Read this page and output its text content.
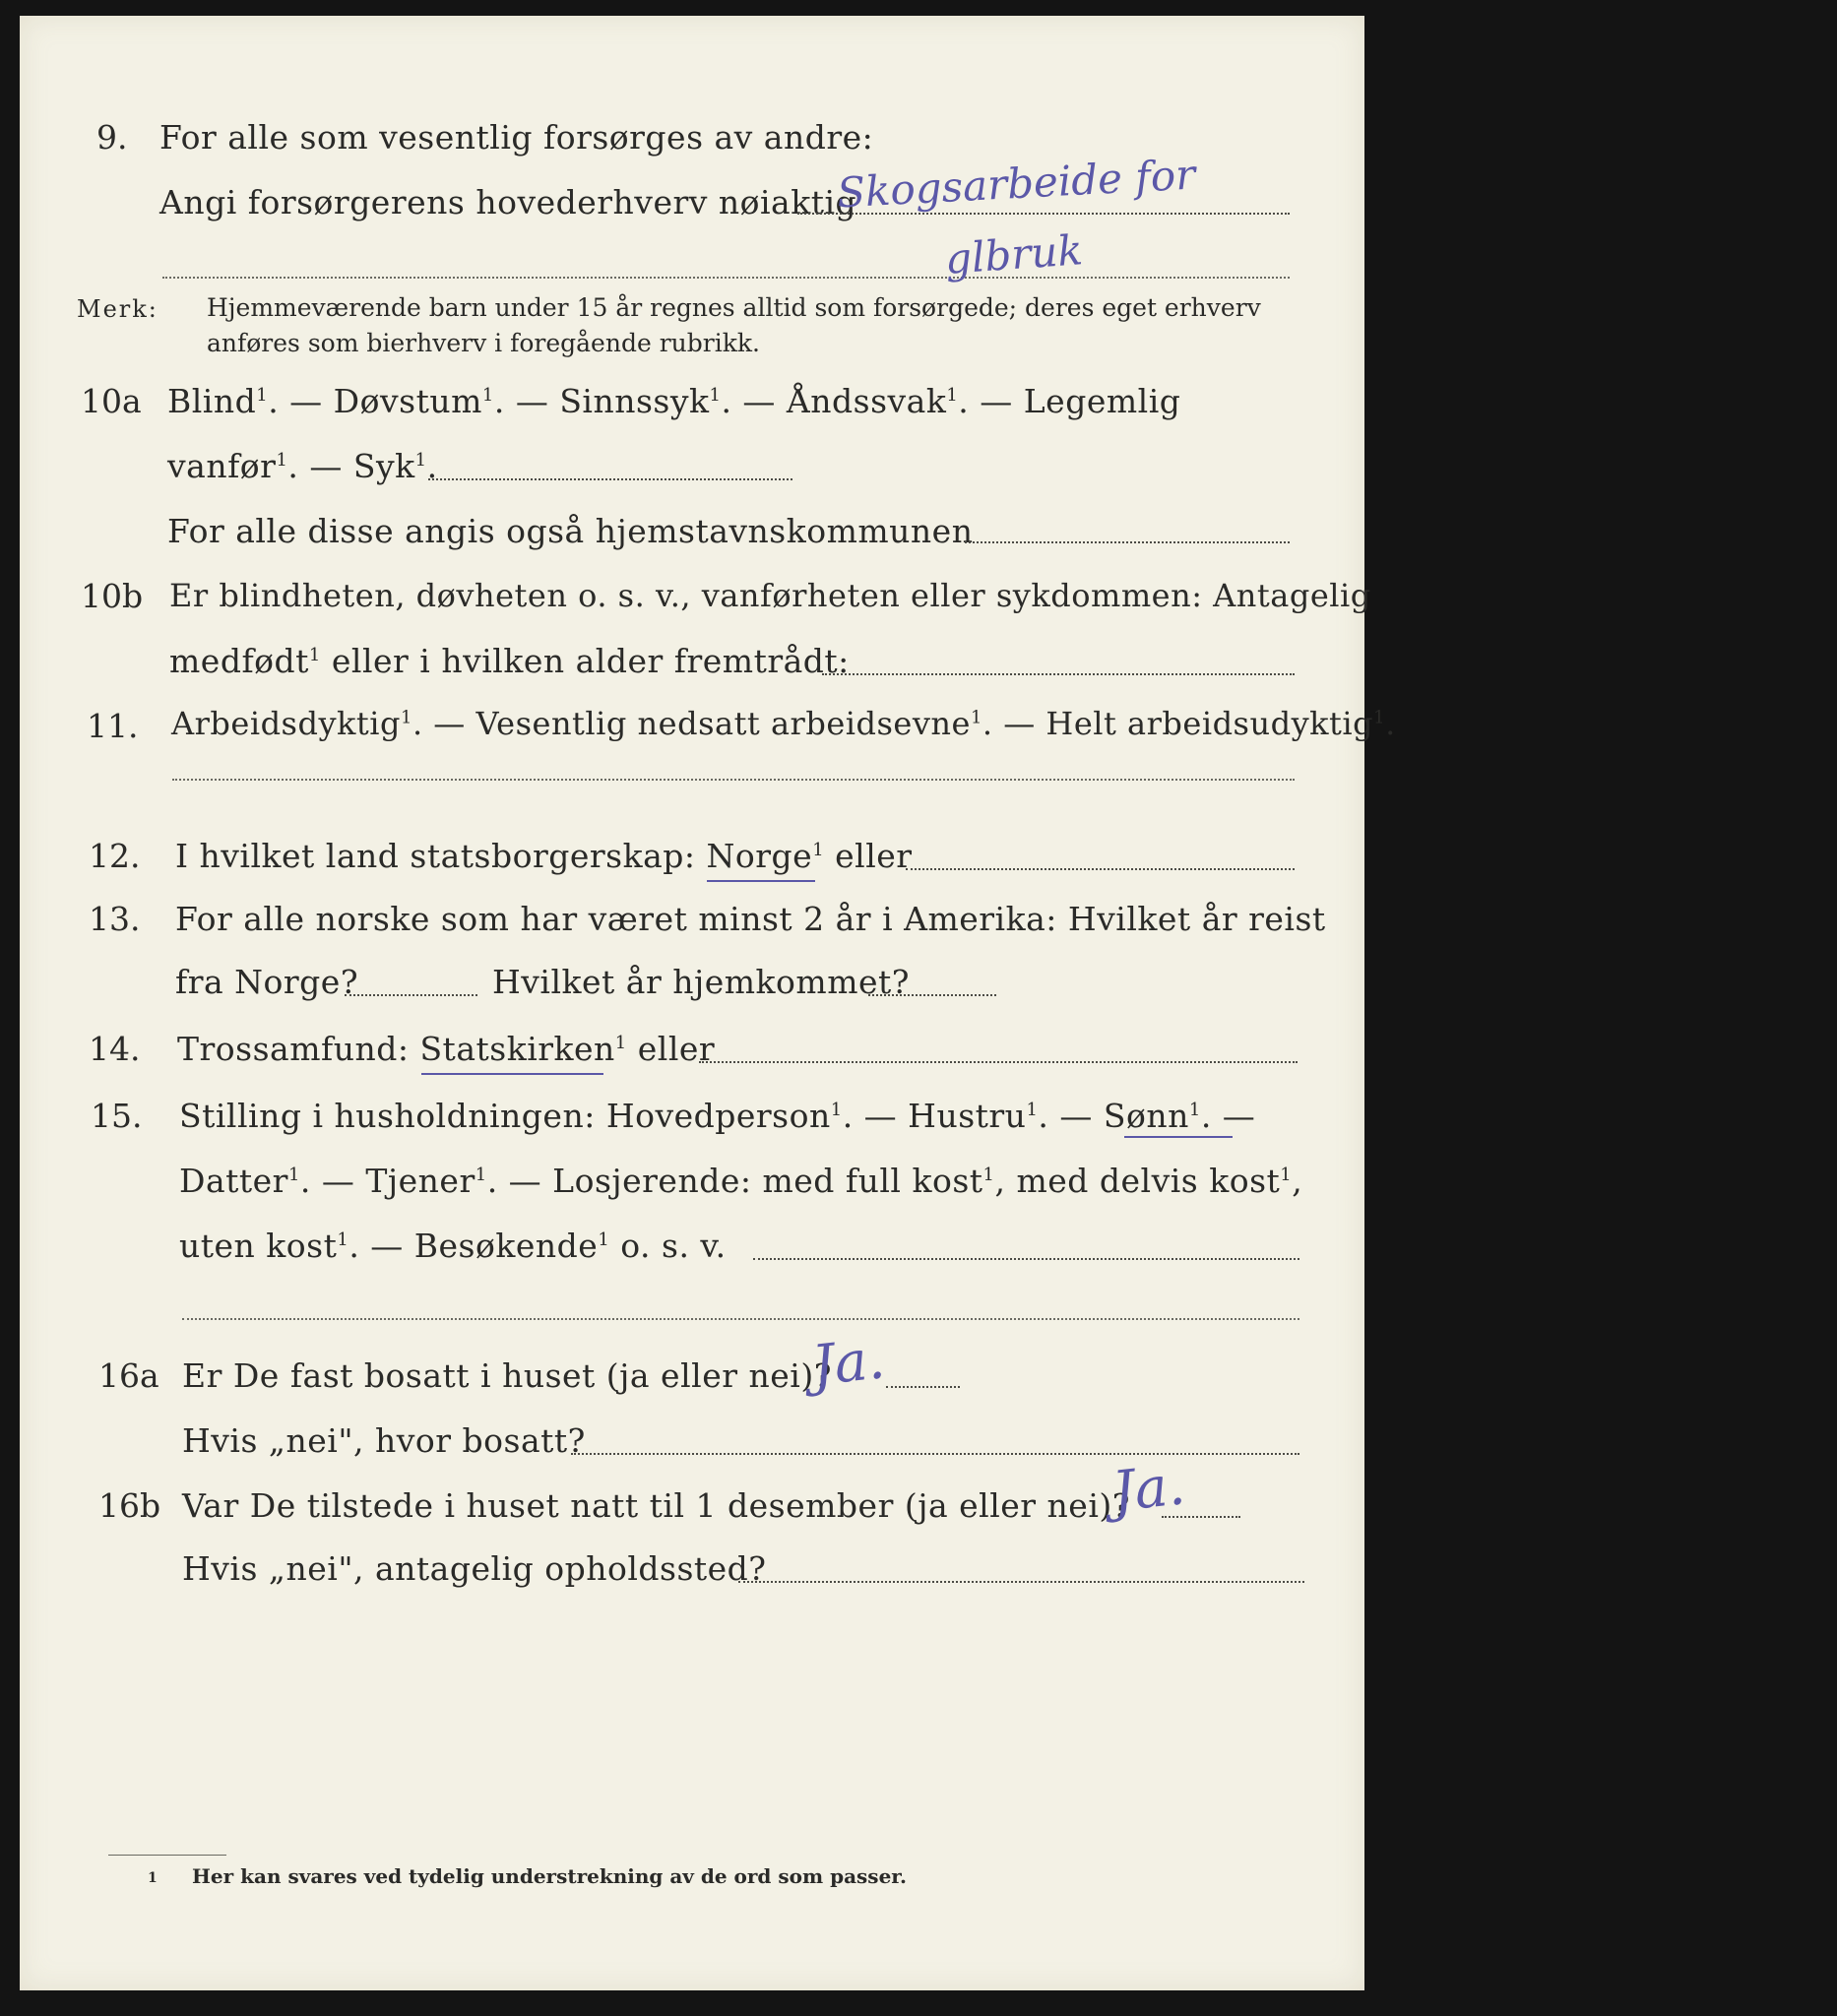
9. For alle som vesentlig forsørges av andre:
Angi forsørgerens hovederhverv nøiaktig
Skogsarbeide for
glbruk
Merk: Hjemmeværende barn under 15 år regnes alltid som forsørgede; deres eget erhverv
anføres som bierhverv i foregående rubrikk.
10a Blind$^1$. — Døvstum$^1$. — Sinnssyk$^1$. — Åndssvak$^1$. — Legemlig
vanfør$^1$. — Syk$^1$.
For alle disse angis også hjemstavnskommunen
10b Er blindheten, døvheten o. s. v., vanførheten eller sykdommen: Antagelig
medfødt$^1$ eller i hvilken alder fremtrådt:
11. Arbeidsdyktig$^1$. — Vesentlig nedsatt arbeidsevne$^1$. — Helt arbeidsudyktig$^1$.
12. I hvilket land statsborgerskap: Norge$^1$ eller
13. For alle norske som har været minst 2 år i Amerika: Hvilket år reist
fra Norge?	Hvilket år hjemkommet?
14. Trossamfund: Statskirken$^1$ eller
15. Stilling i husholdningen: Hovedperson$^1$. — Hustru$^1$. — Sønn$^1$. —
Datter$^1$. — Tjener$^1$. — Losjerende: med full kost$^1$, med delvis kost$^1$,
uten kost$^1$. — Besøkende$^1$ o. s. v.
16a Er De fast bosatt i huset (ja eller nei)?
Ja.
Hvis „nei", hvor bosatt?
16b Var De tilstede i huset natt til 1 desember (ja eller nei)?
Ja.
Hvis „nei", antagelig opholdssted?
1 Her kan svares ved tydelig understrekning av de ord som passer.
